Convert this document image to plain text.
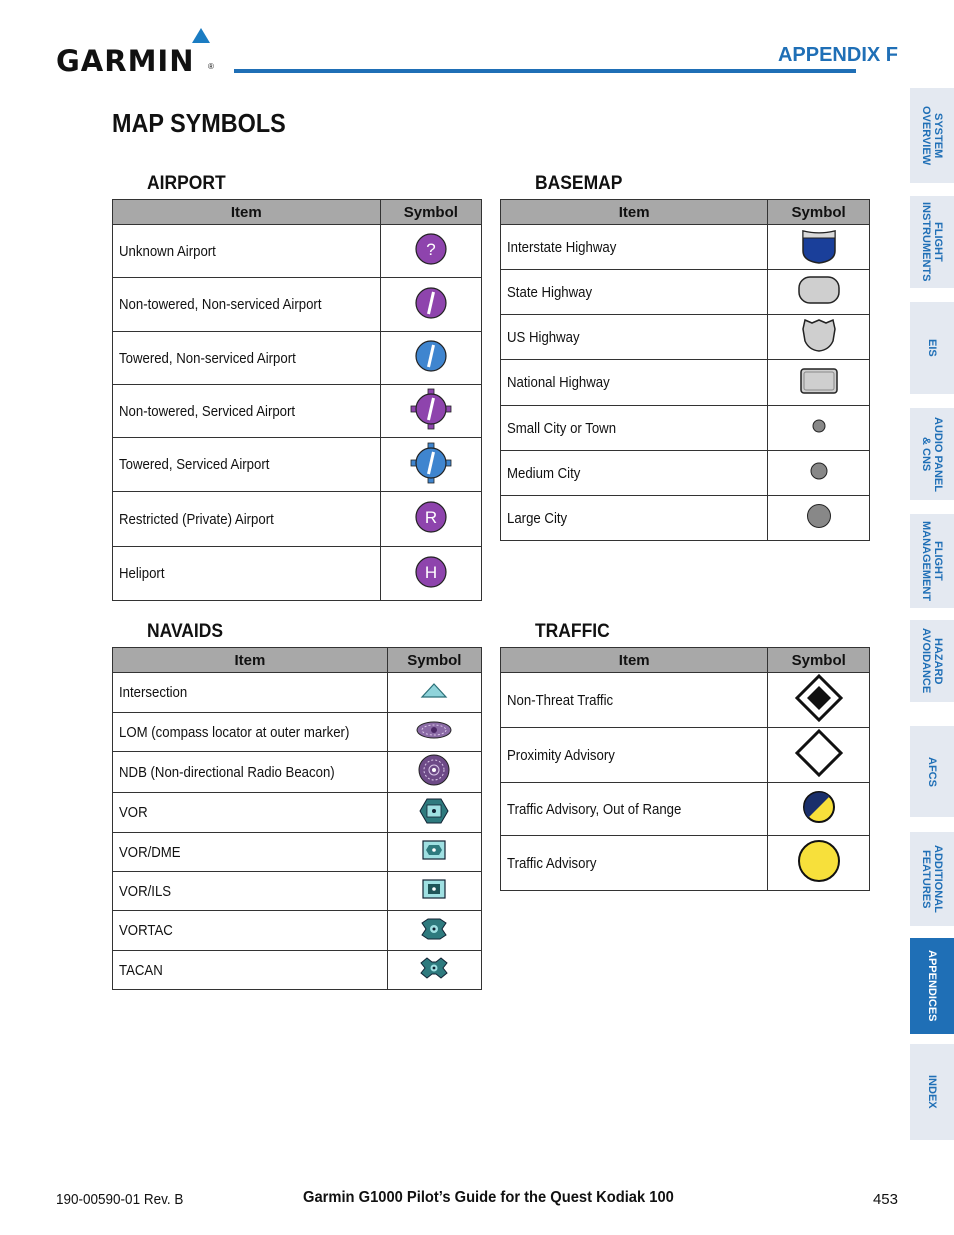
GARMIN ®
APPENDIX F
MAP SYMBOLS
AIRPORT	BASEMAP
NAVAIDS	TRAFFIC
Item	Symbol
Unknown Airport	?

Non-towered, Non-serviced Airport	
Towered, Non-serviced Airport	
Non-towered, Serviced Airport	
Towered, Serviced Airport	
Restricted (Private) Airport	R

Heliport	H
Item	Symbol
Interstate Highway	
State Highway	
US Highway	
National Highway	
Small City or Town	
Medium City	
Large City	
Item	Symbol
Intersection	
LOM (compass locator at outer marker)	
NDB (Non-directional Radio Beacon)	
VOR	
VOR/DME	
VOR/ILS	
VORTAC	
TACAN	
Item	Symbol
Non-Threat Traffic	
Proximity Advisory	
Traffic Advisory, Out of Range	
Traffic Advisory	
SYSTEM
OVERVIEW
FLIGHT
INSTRUMENTS
EIS
AUDIO PANEL
& CNS
FLIGHT
MANAGEMENT
HAZARD
AVOIDANCE
AFCS
ADDITIONAL
FEATURES
APPENDICES
INDEX
190-00590-01 Rev. B	Garmin G1000 Pilot’s Guide for the Quest Kodiak 100	453
